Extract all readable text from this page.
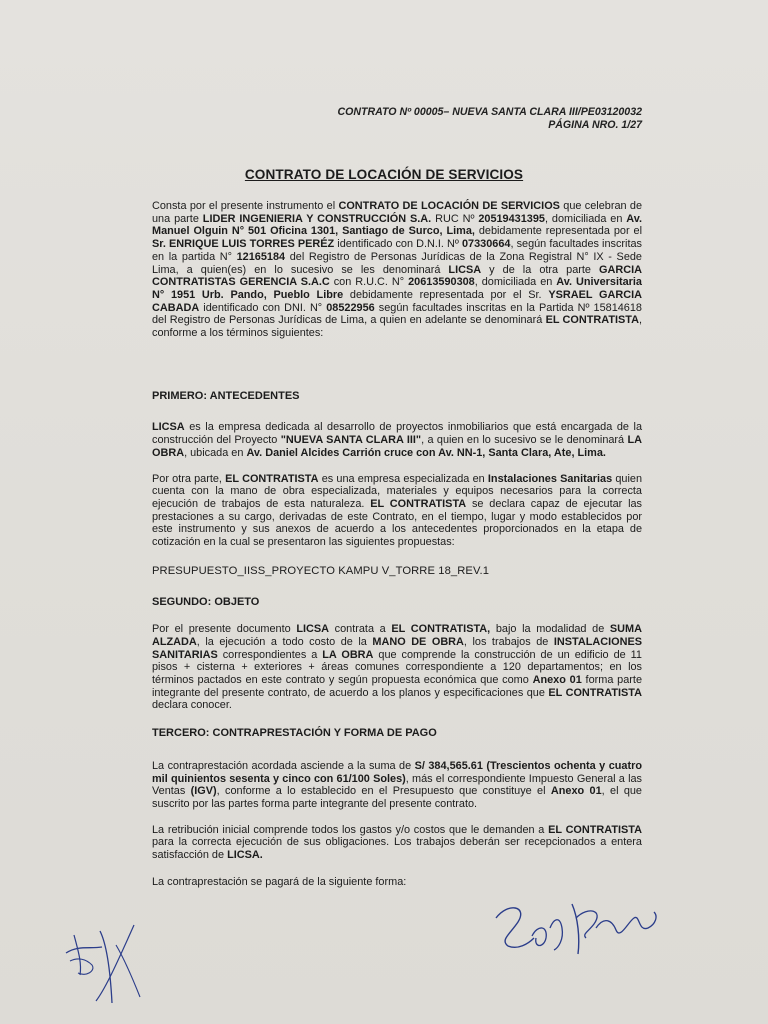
CONTRATO Nº 00005– NUEVA SANTA CLARA III/PE03120032
PÁGINA NRO. 1/27
CONTRATO DE LOCACIÓN DE SERVICIOS

Consta por el presente instrumento el CONTRATO DE LOCACIÓN DE SERVICIOS que celebran de una parte LIDER INGENIERIA Y CONSTRUCCIÓN S.A. RUC Nº 20519431395, domiciliada en Av. Manuel Olguin N° 501 Oficina 1301, Santiago de Surco, Lima, debidamente representada por el Sr. ENRIQUE LUIS TORRES PERÉZ identificado con D.N.I. Nº 07330664, según facultades inscritas en la partida N° 12165184 del Registro de Personas Jurídicas de la Zona Registral N° IX - Sede Lima, a quien(es) en lo sucesivo se les denominará LICSA y de la otra parte GARCIA CONTRATISTAS GERENCIA S.A.C con R.U.C. N° 20613590308, domiciliada en Av. Universitaria N° 1951 Urb. Pando, Pueblo Libre debidamente representada por el Sr. YSRAEL GARCIA CABADA identificado con DNI. N° 08522956 según facultades inscritas en la Partida Nº 15814618 del Registro de Personas Jurídicas de Lima, a quien en adelante se denominará EL CONTRATISTA, conforme a los términos siguientes:

PRIMERO: ANTECEDENTES

LICSA es la empresa dedicada al desarrollo de proyectos inmobiliarios que está encargada de la construcción del Proyecto "NUEVA SANTA CLARA III", a quien en lo sucesivo se le denominará LA OBRA, ubicada en Av. Daniel Alcides Carrión cruce con Av. NN-1, Santa Clara, Ate, Lima.

Por otra parte, EL CONTRATISTA es una empresa especializada en Instalaciones Sanitarias quien cuenta con la mano de obra especializada, materiales y equipos necesarios para la correcta ejecución de trabajos de esta naturaleza. EL CONTRATISTA se declara capaz de ejecutar las prestaciones a su cargo, derivadas de este Contrato, en el tiempo, lugar y modo establecidos por este instrumento y sus anexos de acuerdo a los antecedentes proporcionados en la etapa de cotización en la cual se presentaron las siguientes propuestas:

PRESUPUESTO_IISS_PROYECTO KAMPU V_TORRE 18_REV.1

SEGUNDO: OBJETO

Por el presente documento LICSA contrata a EL CONTRATISTA, bajo la modalidad de SUMA ALZADA, la ejecución a todo costo de la MANO DE OBRA, los trabajos de INSTALACIONES SANITARIAS correspondientes a LA OBRA que comprende la construcción de un edificio de 11 pisos + cisterna + exteriores + áreas comunes correspondiente a 120 departamentos; en los términos pactados en este contrato y según propuesta económica que como Anexo 01 forma parte integrante del presente contrato, de acuerdo a los planos y especificaciones que EL CONTRATISTA declara conocer.

TERCERO: CONTRAPRESTACIÓN Y FORMA DE PAGO

La contraprestación acordada asciende a la suma de S/ 384,565.61 (Trescientos ochenta y cuatro mil quinientos sesenta y cinco con 61/100 Soles), más el correspondiente Impuesto General a las Ventas (IGV), conforme a lo establecido en el Presupuesto que constituye el Anexo 01, el que suscrito por las partes forma parte integrante del presente contrato.

La retribución inicial comprende todos los gastos y/o costos que le demanden a EL CONTRATISTA para la correcta ejecución de sus obligaciones. Los trabajos deberán ser recepcionados a entera satisfacción de LICSA.

La contraprestación se pagará de la siguiente forma:
